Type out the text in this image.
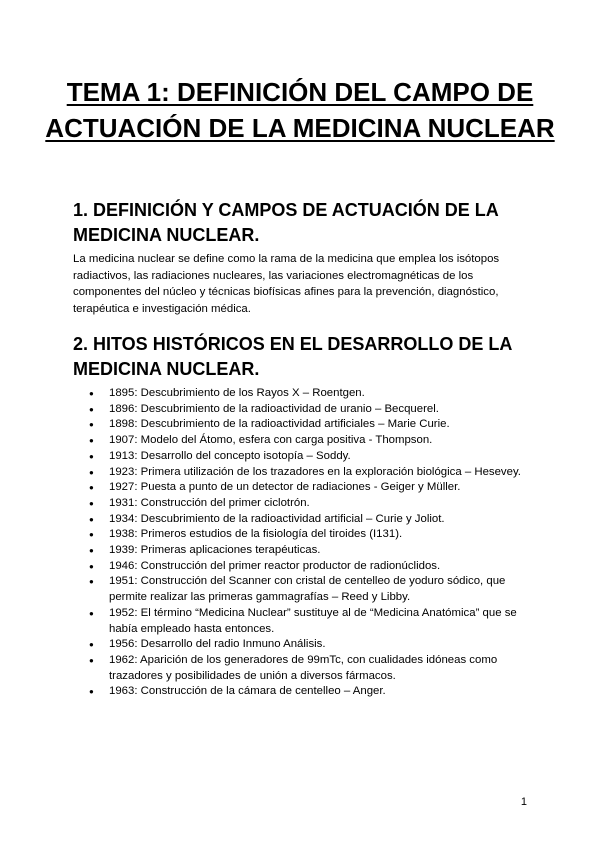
TEMA 1: DEFINICIÓN DEL CAMPO DE ACTUACIÓN DE LA MEDICINA NUCLEAR
1. DEFINICIÓN Y CAMPOS DE ACTUACIÓN DE LA MEDICINA NUCLEAR.

La medicina nuclear se define como la rama de la medicina que emplea los isótopos radiactivos, las radiaciones nucleares, las variaciones electromagnéticas de los componentes del núcleo y técnicas biofísicas afines para la prevención, diagnóstico, terapéutica e investigación médica.

2. HITOS HISTÓRICOS EN EL DESARROLLO DE LA MEDICINA NUCLEAR.
● 1895: Descubrimiento de los Rayos X – Roentgen.
● 1896: Descubrimiento de la radioactividad de uranio – Becquerel.
● 1898: Descubrimiento de la radioactividad artificiales – Marie Curie.
● 1907: Modelo del Átomo, esfera con carga positiva - Thompson.
● 1913: Desarrollo del concepto isotopía – Soddy.
● 1923: Primera utilización de los trazadores en la exploración biológica – Hesevey.
● 1927: Puesta a punto de un detector de radiaciones - Geiger y Müller.
● 1931: Construcción del primer ciclotrón.
● 1934: Descubrimiento de la radioactividad artificial – Curie y Joliot.
● 1938: Primeros estudios de la fisiología del tiroides (I131).
● 1939: Primeras aplicaciones terapéuticas.
● 1946: Construcción del primer reactor productor de radionúclidos.
● 1951: Construcción del Scanner con cristal de centelleo de yoduro sódico, que permite realizar las primeras gammagrafías – Reed y Libby.
● 1952: El término “Medicina Nuclear” sustituye al de “Medicina Anatómica” que se había empleado hasta entonces.
● 1956: Desarrollo del radio Inmuno Análisis.
● 1962: Aparición de los generadores de 99mTc, con cualidades idóneas como trazadores y posibilidades de unión a diversos fármacos.
● 1963: Construcción de la cámara de centelleo – Anger.
1
